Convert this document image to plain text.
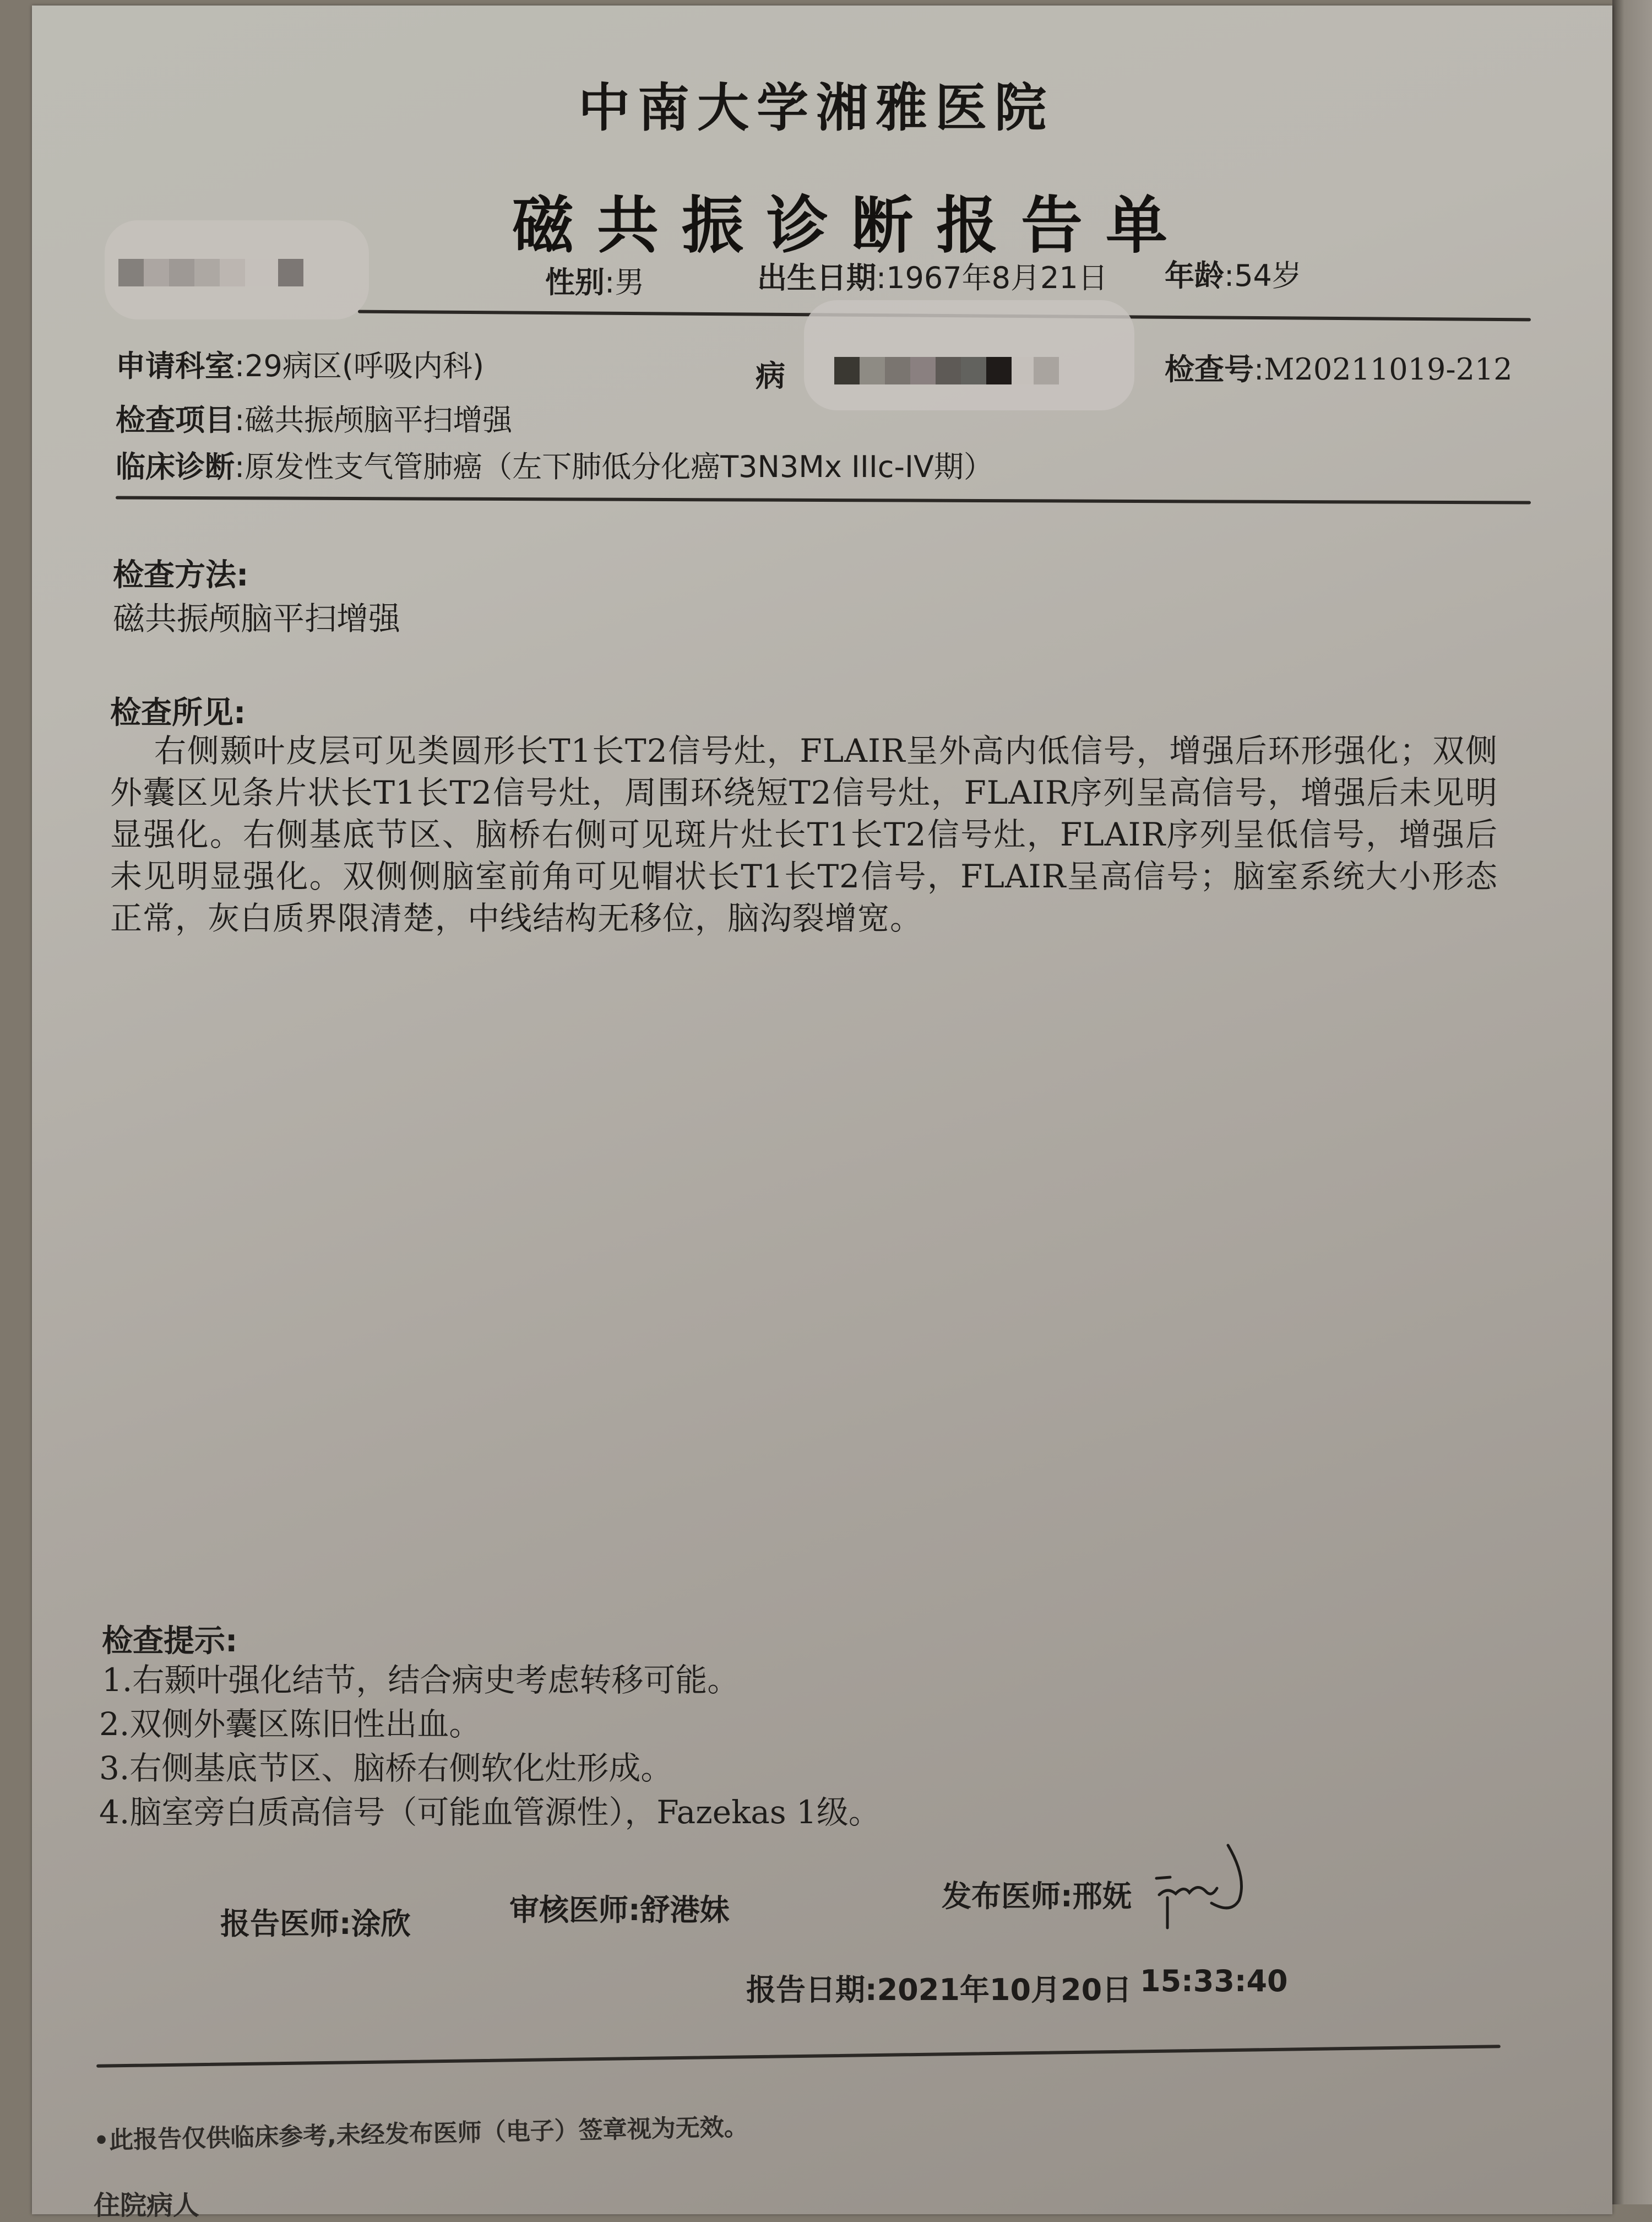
中南大学湘雅医院
磁共振诊断报告单
性别:男	出生日期:1967年8月21日 年龄:54岁
申请科室:29病区(呼吸内科)	病	检查号:M20211019-212
检查项目:磁共振颅脑平扫增强
临床诊断:原发性支气管肺癌（左下肺低分化癌T3N3Mx IIIc-IV期）
检查方法:
磁共振颅脑平扫增强
检查所见:
右侧颞叶皮层可见类圆形长T1长T2信号灶，FLAIR呈外高内低信号，增强后环形强化；双侧外囊区见条片状长T1长T2信号灶，周围环绕短T2信号灶，FLAIR序列呈高信号，增强后未见明显强化。右侧基底节区、脑桥右侧可见斑片灶长T1长T2信号灶，FLAIR序列呈低信号，增强后未见明显强化。双侧侧脑室前角可见帽状长T1长T2信号，FLAIR呈高信号；脑室系统大小形态正常，灰白质界限清楚，中线结构无移位，脑沟裂增宽。
检查提示:
1.右颞叶强化结节，结合病史考虑转移可能。
2.双侧外囊区陈旧性出血。
3.右侧基底节区、脑桥右侧软化灶形成。
4.脑室旁白质高信号（可能血管源性），Fazekas 1级。
报告医师:涂欣	审核医师:舒港妹	发布医师:邢妩
报告日期:2021年10月20日 15:33:40
•此报告仅供临床参考,未经发布医师（电子）签章视为无效。
住院病人
